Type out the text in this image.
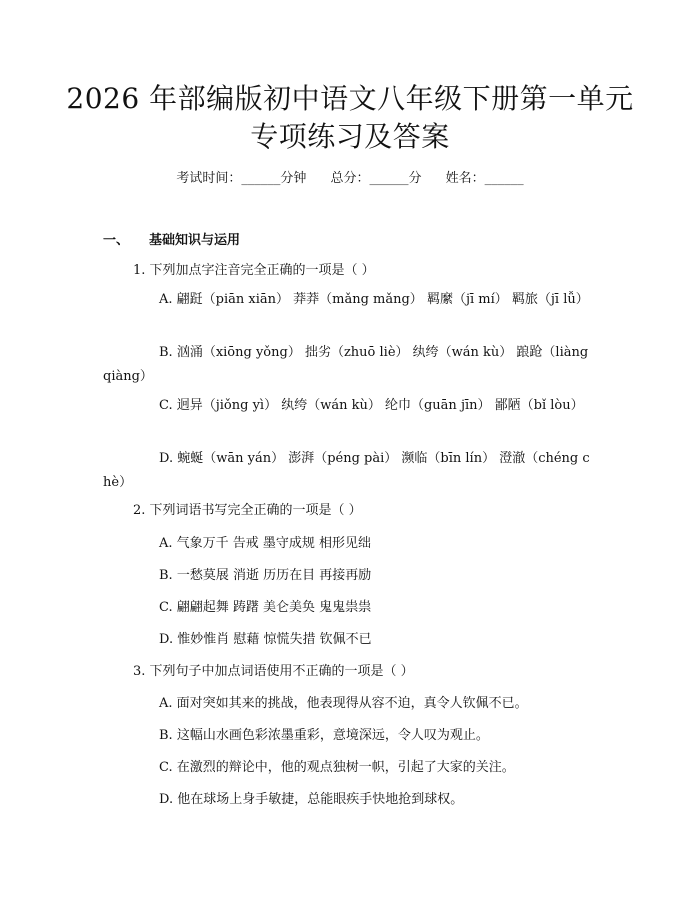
2026 年部编版初中语文八年级下册第一单元
专项练习及答案
考试时间：______分钟 总分：______分 姓名：______
一、 基础知识与运用
1. 下列加点字注音完全正确的一项是（ ）
A. 翩跹（piān xiān） 莽莽（mǎng mǎng） 羁縻（jī mí） 羁旅（jī lǚ）
B. 汹涌（xiōng yǒng） 拙劣（zhuō liè） 纨绔（wán kù） 踉跄（liàng qiàng）
C. 迥异（jiǒng yì） 纨绔（wán kù） 纶巾（guān jīn） 鄙陋（bǐ lòu）
D. 蜿蜒（wān yán） 澎湃（péng pài） 濒临（bīn lín） 澄澈（chéng chè）
2. 下列词语书写完全正确的一项是（ ）
A. 气象万千 告戒 墨守成规 相形见绌
B. 一愁莫展 消逝 历历在目 再接再励
C. 翩翩起舞 踌躇 美仑美奂 鬼鬼祟祟
D. 惟妙惟肖 慰藉 惊慌失措 钦佩不已
3. 下列句子中加点词语使用不正确的一项是（ ）
A. 面对突如其来的挑战，他表现得从容不迫，真令人钦佩不已。
B. 这幅山水画色彩浓墨重彩，意境深远，令人叹为观止。
C. 在激烈的辩论中，他的观点独树一帜，引起了大家的关注。
D. 他在球场上身手敏捷，总能眼疾手快地抢到球权。
